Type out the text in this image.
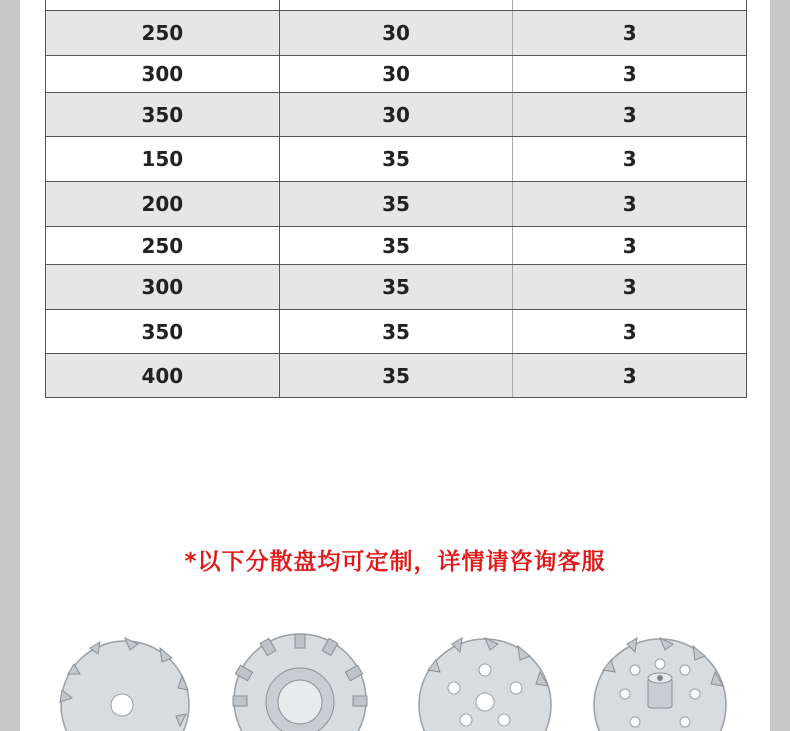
250	30	3
300	30	3
350	30	3
150	35	3
200	35	3
250	35	3
300	35	3
350	35	3
400	35	3
*以下分散盘均可定制，详情请咨询客服
